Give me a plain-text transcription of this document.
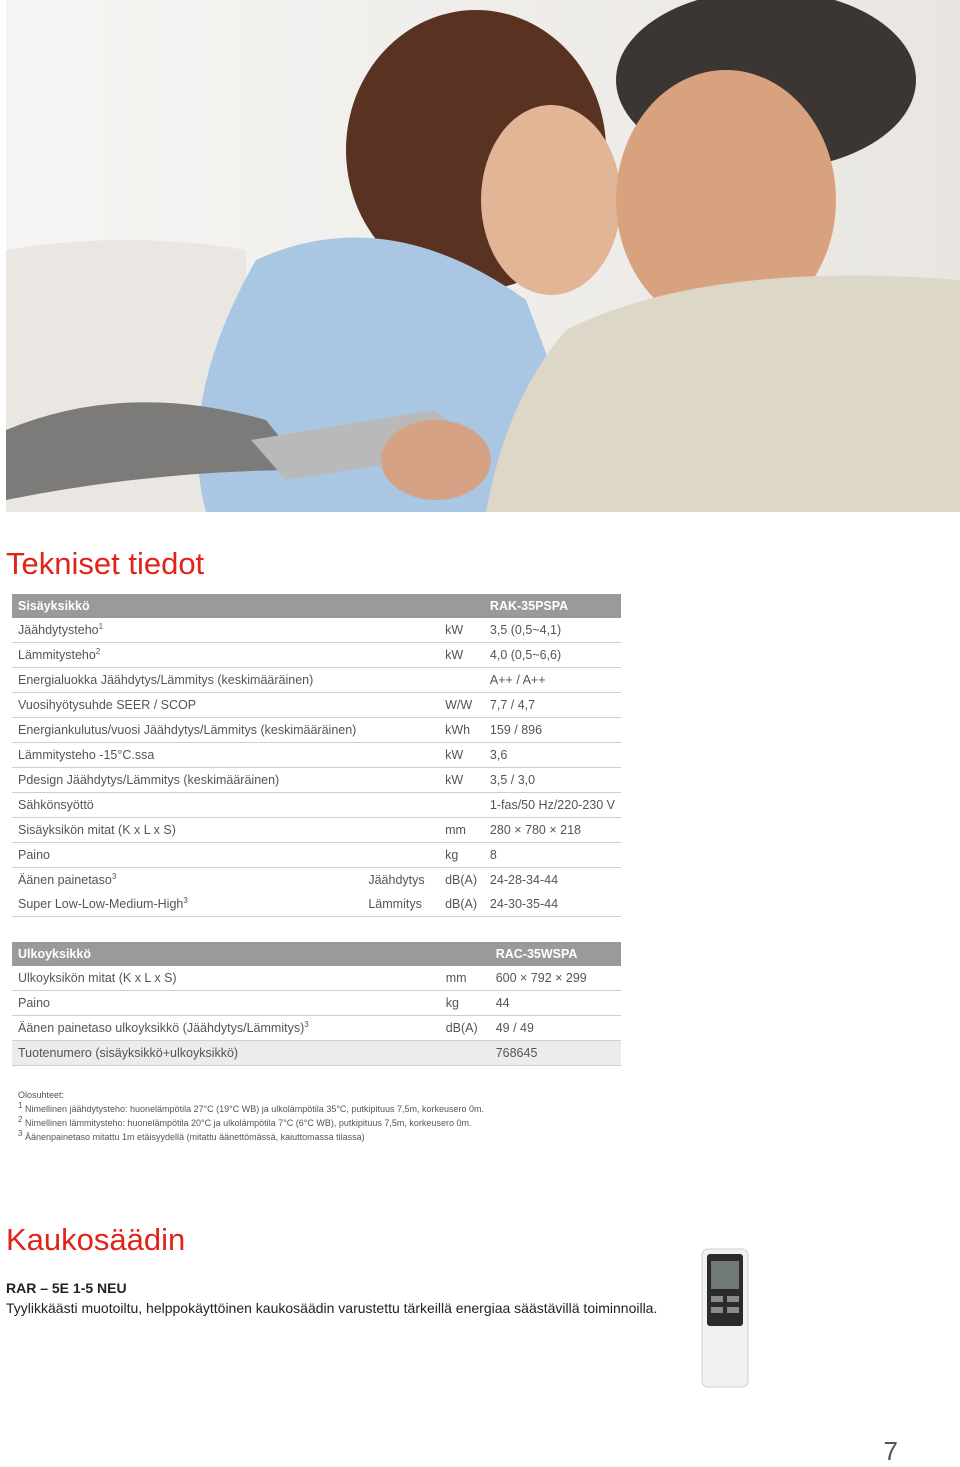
Tekniset tiedot
Sisäyksikkö			RAK-35PSPA
Jäähdytysteho$^1$		kW	3,5 (0,5~4,1)
Lämmitysteho$^2$		kW	4,0 (0,5~6,6)
Energialuokka Jäähdytys/Lämmitys (keskimääräinen)			A++ / A++
Vuosihyötysuhde SEER / SCOP		W/W	7,7 / 4,7
Energiankulutus/vuosi Jäähdytys/Lämmitys (keskimääräinen)		kWh	159 / 896
Lämmitysteho -15°C.ssa		kW	3,6
Pdesign Jäähdytys/Lämmitys (keskimääräinen)		kW	3,5 / 3,0
Sähkönsyöttö			1-fas/50 Hz/220-230 V
Sisäyksikön mitat (K x L x S)		mm	280 × 780 × 218
Paino		kg	8
Äänen painetaso$^3$	Jäähdytys	dB(A)	24-28-34-44
Super Low-Low-Medium-High$^3$	Lämmitys	dB(A)	24-30-35-44
Ulkoyksikkö			RAC-35WSPA
Ulkoyksikön mitat (K x L x S)		mm	600 × 792 × 299
Paino		kg	44
Äänen painetaso ulkoyksikkö (Jäähdytys/Lämmitys)$^3$		dB(A)	49 / 49
Tuotenumero (sisäyksikkö+ulkoyksikkö)			768645
Olosuhteet:
$^1$ Nimellinen jäähdytysteho: huonelämpötila 27°C (19°C WB) ja ulkolämpötila 35°C, putkipituus 7,5m, korkeusero 0m.
$^2$ Nimellinen lämmitysteho: huonelämpötila 20°C ja ulkolämpötila 7°C (6°C WB), putkipituus 7,5m, korkeusero 0m.
$^3$ Äänenpainetaso mitattu 1m etäisyydellä (mitattu äänettömässä, kaiuttomassa tilassa)
Kaukosäädin
RAR – 5E 1-5 NEU
Tyylikkäästi muotoiltu, helppokäyttöinen kaukosäädin varustettu tärkeillä energiaa säästävillä toiminnoilla.
7
